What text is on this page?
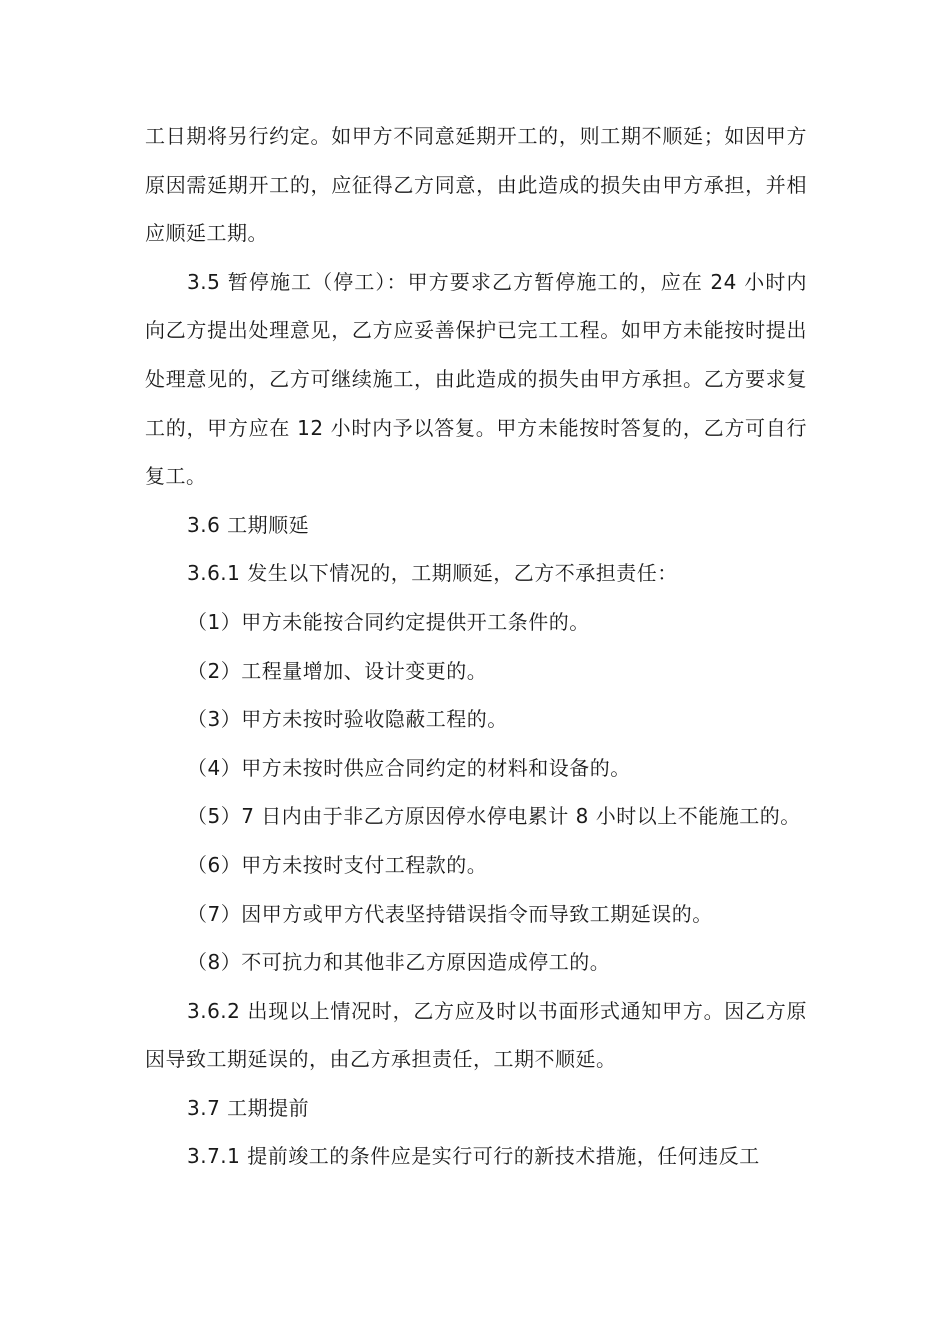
工日期将另行约定。如甲方不同意延期开工的，则工期不顺延；如因甲方原因需延期开工的，应征得乙方同意，由此造成的损失由甲方承担，并相应顺延工期。

3.5 暂停施工（停工）：甲方要求乙方暂停施工的，应在 24 小时内向乙方提出处理意见，乙方应妥善保护已完工工程。如甲方未能按时提出处理意见的，乙方可继续施工，由此造成的损失由甲方承担。乙方要求复工的，甲方应在 12 小时内予以答复。甲方未能按时答复的，乙方可自行复工。

3.6 工期顺延

3.6.1 发生以下情况的，工期顺延，乙方不承担责任：

（1）甲方未能按合同约定提供开工条件的。

（2）工程量增加、设计变更的。

（3）甲方未按时验收隐蔽工程的。

（4）甲方未按时供应合同约定的材料和设备的。

（5）7 日内由于非乙方原因停水停电累计 8 小时以上不能施工的。

（6）甲方未按时支付工程款的。

（7）因甲方或甲方代表坚持错误指令而导致工期延误的。

（8）不可抗力和其他非乙方原因造成停工的。

3.6.2 出现以上情况时，乙方应及时以书面形式通知甲方。因乙方原因导致工期延误的，由乙方承担责任，工期不顺延。

3.7 工期提前

3.7.1 提前竣工的条件应是实行可行的新技术措施，任何违反工
